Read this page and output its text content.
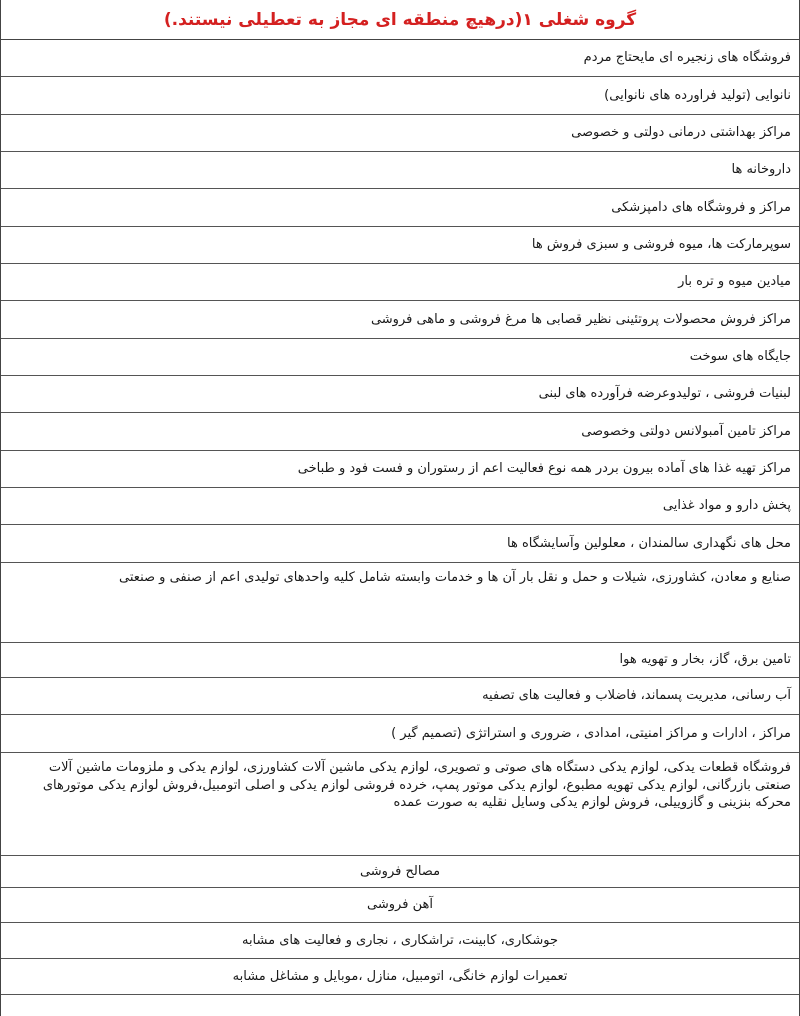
گروه شغلی ۱(درهیچ منطقه ای مجاز به تعطیلی نیستند.)
فروشگاه های زنجیره ای مایحتاج مردم
نانوایی (تولید فراورده های نانوایی)
مراکز بهداشتی درمانی دولتی و خصوصی
داروخانه ها
مراکز و فروشگاه های دامپزشکی
سوپرمارکت ها، میوه فروشی و سبزی فروش ها
میادین میوه و تره بار
مراکز فروش محصولات پروتئینی نظیر قصابی ها مرغ فروشی و ماهی فروشی
جایگاه های سوخت
لبنیات فروشی ، تولیدوعرضه فرآورده های لبنی
مراکز تامین آمبولانس دولتی وخصوصی
مراکز تهیه غذا های آماده بیرون بردر همه نوع فعالیت اعم از رستوران و فست فود و طباخی
پخش دارو و مواد غذایی
محل های نگهداری سالمندان ، معلولین وآسایشگاه ها
صنایع و معادن، کشاورزی، شیلات و حمل و نقل بار آن ها و خدمات وابسته شامل کلیه واحدهای تولیدی اعم از صنفی و صنعتی
تامین برق، گاز، بخار و تهویه هوا
آب رسانی، مدیریت پسماند، فاضلاب و فعالیت های تصفیه
مراکز ، ادارات و مراکز امنیتی، امدادی ، ضروری و استراتژی (تصمیم گیر )
فروشگاه قطعات یدکی، لوازم یدکی دستگاه های صوتی و تصویری، لوازم یدکی ماشین آلات کشاورزی، لوازم یدکی و ملزومات ماشین آلات صنعتی بازرگانی، لوازم یدکی تهویه مطبوع، لوازم یدکی موتور پمپ، خرده فروشی لوازم یدکی و اصلی اتومبیل،فروش لوازم یدکی موتورهای محرکه بنزینی و گازوییلی، فروش لوازم یدکی وسایل نقلیه به صورت عمده
مصالح فروشی
آهن فروشی
جوشکاری، کابینت، تراشکاری ، نجاری و فعالیت های مشابه
تعمیرات لوازم خانگی، اتومبیل، منازل ،موبایل و مشاغل مشابه
